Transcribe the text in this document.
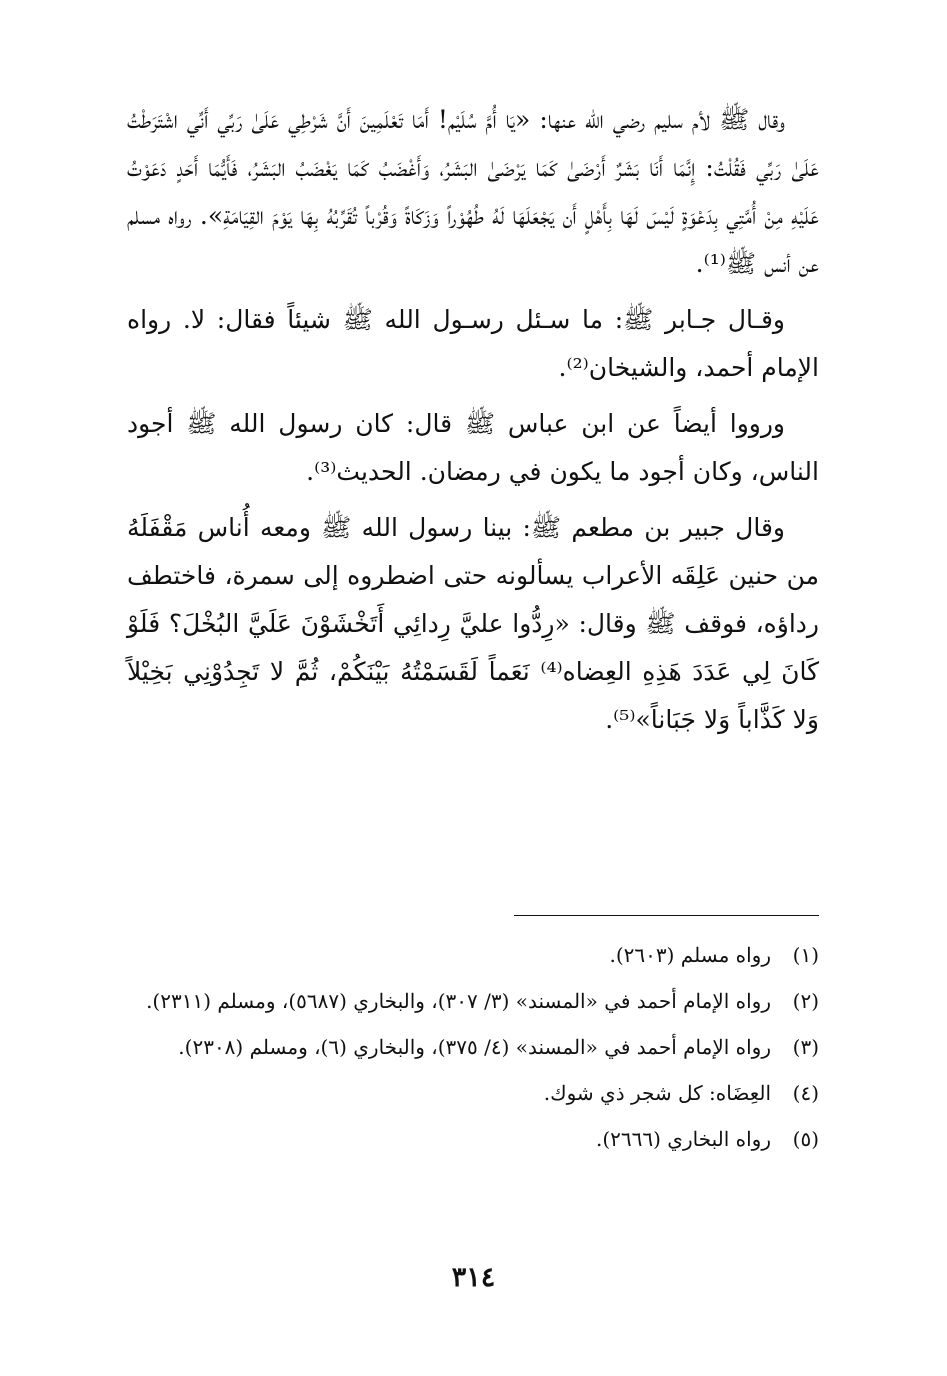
وقال ﷺ لأم سليم رضي الله عنها: «يَا أُمَّ سُلَيْم! أَمَا تَعْلَمِينَ أَنَّ شَرْطِي عَلَىٰ رَبِّي أَنِّي اشْتَرَطْتُ عَلَىٰ رَبِّي فَقُلْتُ: إِنَّمَا أَنَا بَشَرٌ أَرْضَىٰ كَمَا يَرْضَىٰ البَشَرُ، وَأَغْضَبُ كَمَا يَغْضَبُ البَشَرُ، فَأَيُّمَا أَحَدٍ دَعَوْتُ عَلَيْهِ مِنْ أُمَّتِي بِدَعْوَةٍ لَيْسَ لَهَا بِأَهْلٍ أَن يَجْعَلَهَا لَهُ طُهُوْراً وَزَكَاةً وَقُرْباً تُقَرِّبُهُ بِهَا يَوْمَ القِيَامَةِ». رواه مسلم عن أنس ﷺ⁽¹⁾.

وقـال جـابر ﷺ: ما سـئل رسـول الله ﷺ شيئاً فقال: لا. رواه الإمام أحمد، والشيخان⁽²⁾.

ورووا أيضاً عن ابن عباس ﷺ قال: كان رسول الله ﷺ أجود الناس، وكان أجود ما يكون في رمضان. الحديث⁽³⁾.

وقال جبير بن مطعم ﷺ: بينا رسول الله ﷺ ومعه أُناس مَقْفَلَهُ من حنين عَلِقَه الأعراب يسألونه حتى اضطروه إلى سمرة، فاختطف رداؤه، فوقف ﷺ وقال: «رِدُّوا عليَّ رِدائِي أَتَخْشَوْنَ عَلَيَّ البُخْلَ؟ فَلَوْ كَانَ لِي عَدَدَ هَذِهِ العِضاه⁽⁴⁾ نَعَماً لَقَسَمْتُهُ بَيْنَكُمْ، ثُمَّ لا تَجِدُوْنِي بَخِيْلاً وَلا كَذَّاباً وَلا جَبَاناً»⁽⁵⁾.

(١)
رواه مسلم (٢٦٠٣).
(٢)
رواه الإمام أحمد في «المسند» (٣/ ٣٠٧)، والبخاري (٥٦٨٧)، ومسلم (٢٣١١).
(٣)
رواه الإمام أحمد في «المسند» (٤/ ٣٧٥)، والبخاري (٦)، ومسلم (٢٣٠٨).
(٤)
العِضَاه: كل شجر ذي شوك.
(٥)
رواه البخاري (٢٦٦٦).
٣١٤
